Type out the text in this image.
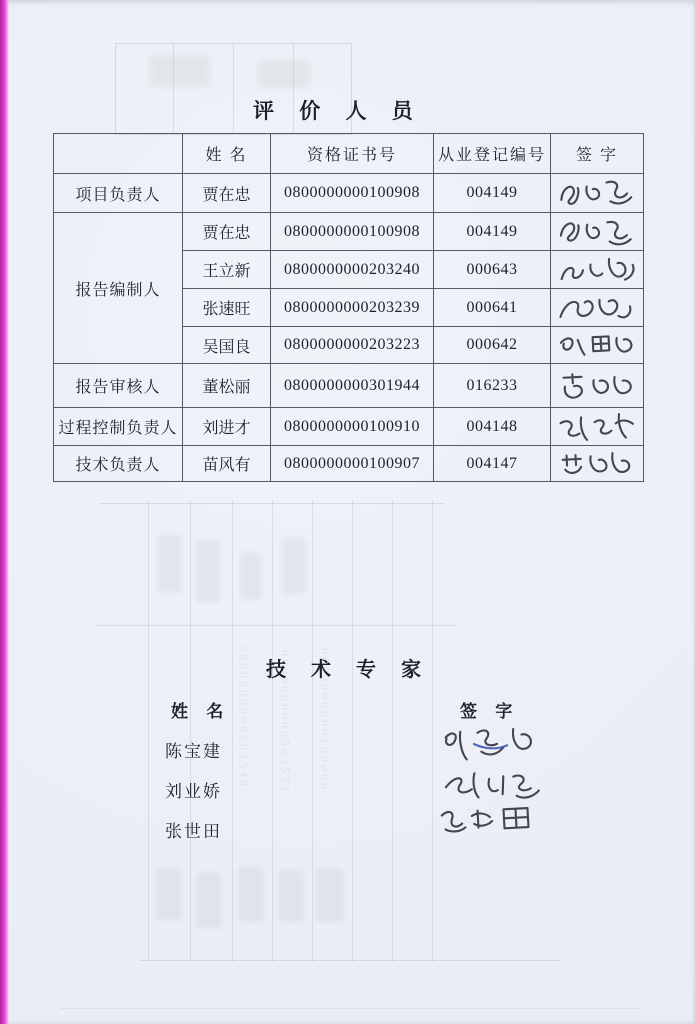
0800000000203240 0800000000203223 0800000000100908
评 价 人 员
	姓 名	资格证书号	从业登记编号	签 字
项目负责人	贾在忠	0800000000100908	004149	

报告编制人	贾在忠	0800000000100908	004149	

	王立新	0800000000203240	000643	

	张速旺	0800000000203239	000641	

	吴国良	0800000000203223	000642	

报告审核人	董松丽	0800000000301944	016233	

过程控制负责人	刘进才	0800000000100910	004148	

技术负责人	苗风有	0800000000100907	004147	
技 术 专 家
姓 名	签 字
陈宝建
刘业娇
张世田
